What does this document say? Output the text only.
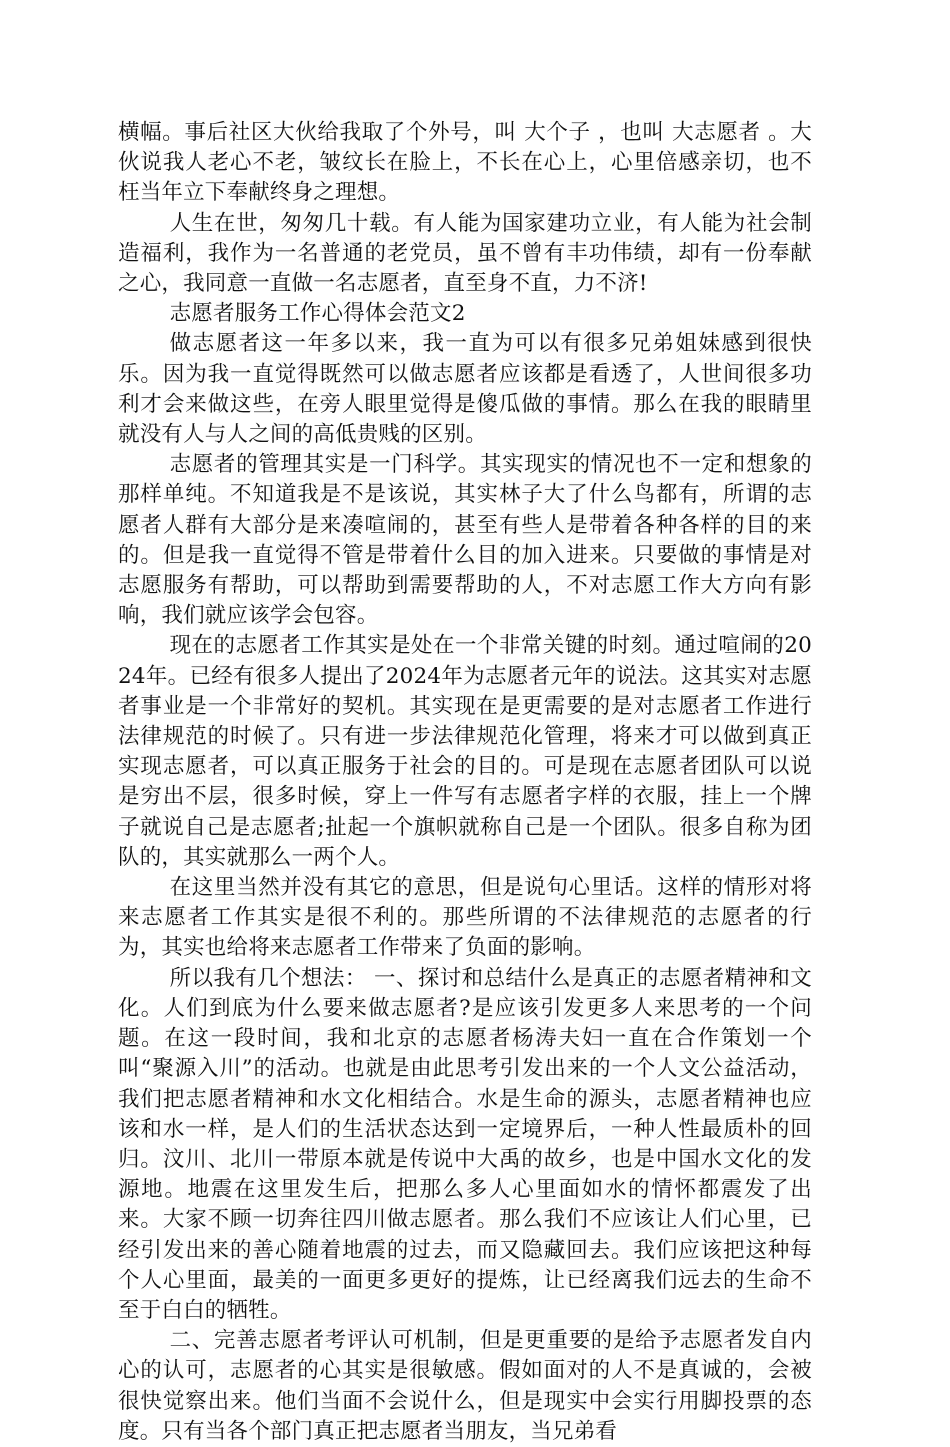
横幅。事后社区大伙给我取了个外号，叫 大个子 ，也叫 大志愿者 。大伙说我人老心不老，皱纹长在脸上，不长在心上，心里倍感亲切，也不枉当年立下奉献终身之理想。

人生在世，匆匆几十载。有人能为国家建功立业，有人能为社会制造福利，我作为一名普通的老党员，虽不曾有丰功伟绩，却有一份奉献之心，我同意一直做一名志愿者，直至身不直，力不济!

志愿者服务工作心得体会范文2

做志愿者这一年多以来，我一直为可以有很多兄弟姐妹感到很快乐。因为我一直觉得既然可以做志愿者应该都是看透了，人世间很多功利才会来做这些，在旁人眼里觉得是傻瓜做的事情。那么在我的眼睛里就没有人与人之间的高低贵贱的区别。

志愿者的管理其实是一门科学。其实现实的情况也不一定和想象的那样单纯。不知道我是不是该说，其实林子大了什么鸟都有，所谓的志愿者人群有大部分是来凑喧闹的，甚至有些人是带着各种各样的目的来的。但是我一直觉得不管是带着什么目的加入进来。只要做的事情是对志愿服务有帮助，可以帮助到需要帮助的人，不对志愿工作大方向有影响，我们就应该学会包容。

现在的志愿者工作其实是处在一个非常关键的时刻。通过喧闹的2024年。已经有很多人提出了2024年为志愿者元年的说法。这其实对志愿者事业是一个非常好的契机。其实现在是更需要的是对志愿者工作进行法律规范的时候了。只有进一步法律规范化管理，将来才可以做到真正实现志愿者，可以真正服务于社会的目的。可是现在志愿者团队可以说是穷出不层，很多时候，穿上一件写有志愿者字样的衣服，挂上一个牌子就说自己是志愿者;扯起一个旗帜就称自己是一个团队。很多自称为团队的，其实就那么一两个人。

在这里当然并没有其它的意思，但是说句心里话。这样的情形对将来志愿者工作其实是很不利的。那些所谓的不法律规范的志愿者的行为，其实也给将来志愿者工作带来了负面的影响。

所以我有几个想法： 一、探讨和总结什么是真正的志愿者精神和文化。人们到底为什么要来做志愿者?是应该引发更多人来思考的一个问题。在这一段时间，我和北京的志愿者杨涛夫妇一直在合作策划一个叫“聚源入川”的活动。也就是由此思考引发出来的一个人文公益活动，我们把志愿者精神和水文化相结合。水是生命的源头，志愿者精神也应该和水一样，是人们的生活状态达到一定境界后，一种人性最质朴的回归。汶川、北川一带原本就是传说中大禹的故乡，也是中国水文化的发源地。地震在这里发生后，把那么多人心里面如水的情怀都震发了出来。大家不顾一切奔往四川做志愿者。那么我们不应该让人们心里，已经引发出来的善心随着地震的过去，而又隐藏回去。我们应该把这种每个人心里面，最美的一面更多更好的提炼，让已经离我们远去的生命不至于白白的牺牲。

二、完善志愿者考评认可机制，但是更重要的是给予志愿者发自内心的认可，志愿者的心其实是很敏感。假如面对的人不是真诚的，会被很快觉察出来。他们当面不会说什么，但是现实中会实行用脚投票的态度。只有当各个部门真正把志愿者当朋友，当兄弟看
